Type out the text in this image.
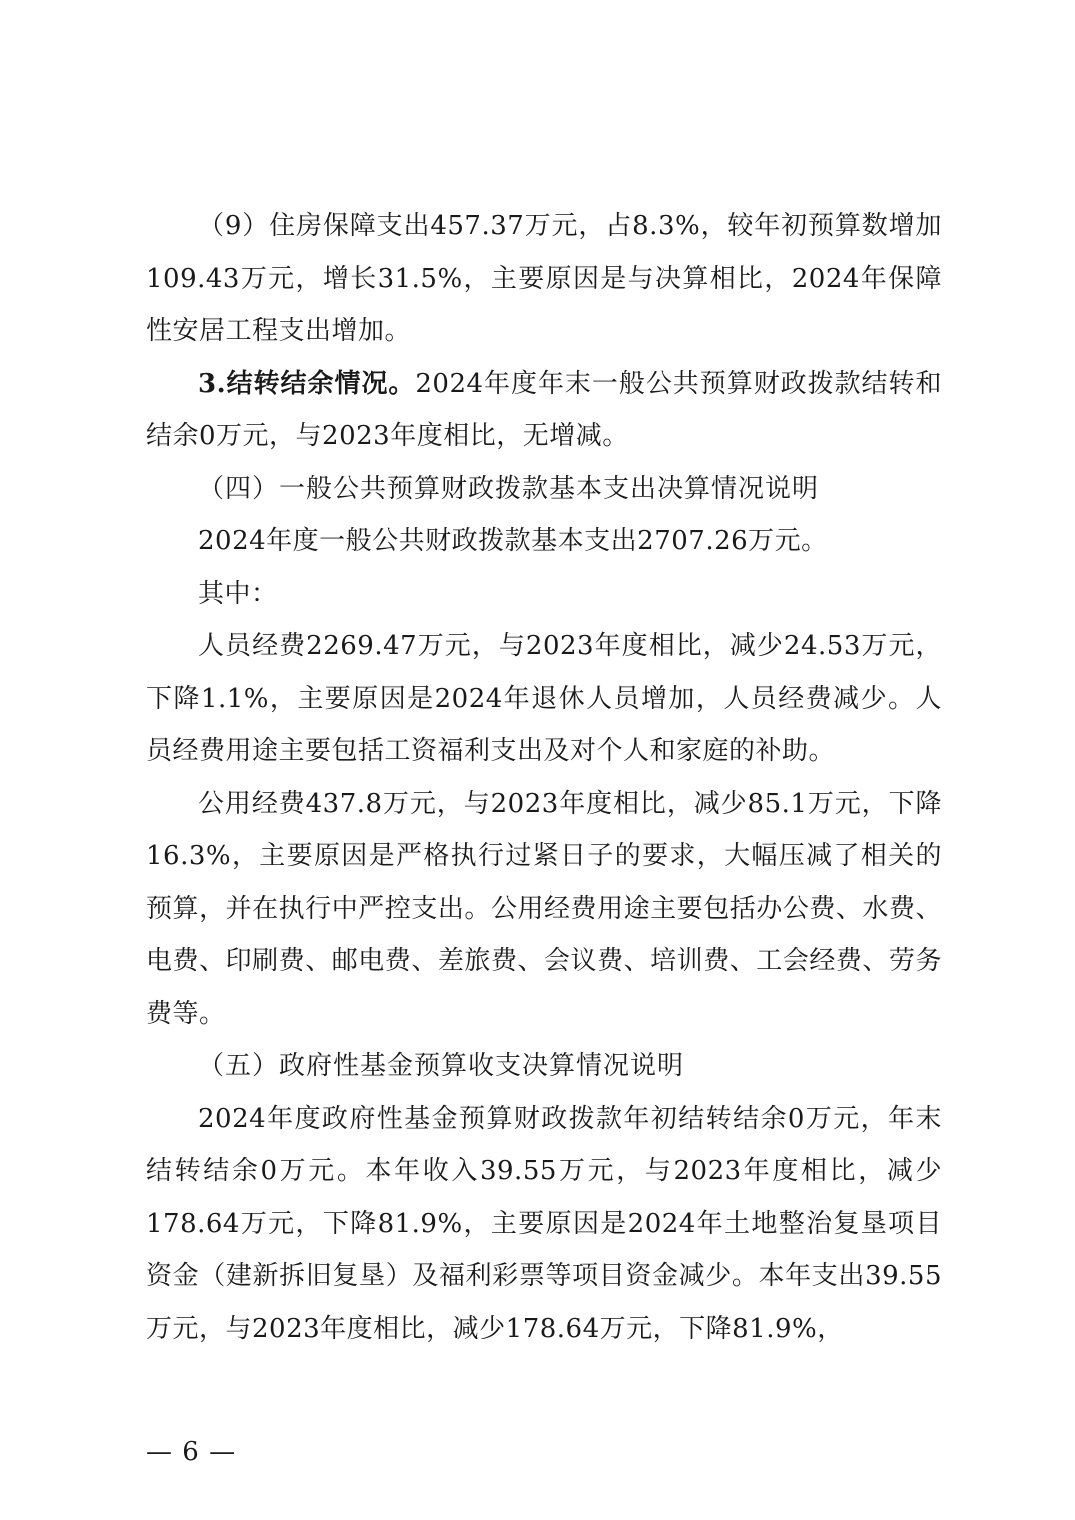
（9）住房保障支出457.37万元，占8.3%，较年初预算数增加109.43万元，增长31.5%，主要原因是与决算相比，2024年保障性安居工程支出增加。

3.结转结余情况。2024年度年末一般公共预算财政拨款结转和结余0万元，与2023年度相比，无增减。

（四）一般公共预算财政拨款基本支出决算情况说明

2024年度一般公共财政拨款基本支出2707.26万元。

其中：

人员经费2269.47万元，与2023年度相比，减少24.53万元，下降1.1%，主要原因是2024年退休人员增加，人员经费减少。人员经费用途主要包括工资福利支出及对个人和家庭的补助。

公用经费437.8万元，与2023年度相比，减少85.1万元，下降16.3%，主要原因是严格执行过紧日子的要求，大幅压减了相关的预算，并在执行中严控支出。公用经费用途主要包括办公费、水费、电费、印刷费、邮电费、差旅费、会议费、培训费、工会经费、劳务费等。

（五）政府性基金预算收支决算情况说明

2024年度政府性基金预算财政拨款年初结转结余0万元，年末结转结余0万元。本年收入39.55万元，与2023年度相比，减少178.64万元，下降81.9%，主要原因是2024年土地整治复垦项目资金（建新拆旧复垦）及福利彩票等项目资金减少。本年支出39.55万元，与2023年度相比，减少178.64万元，下降81.9%，

— 6 —
